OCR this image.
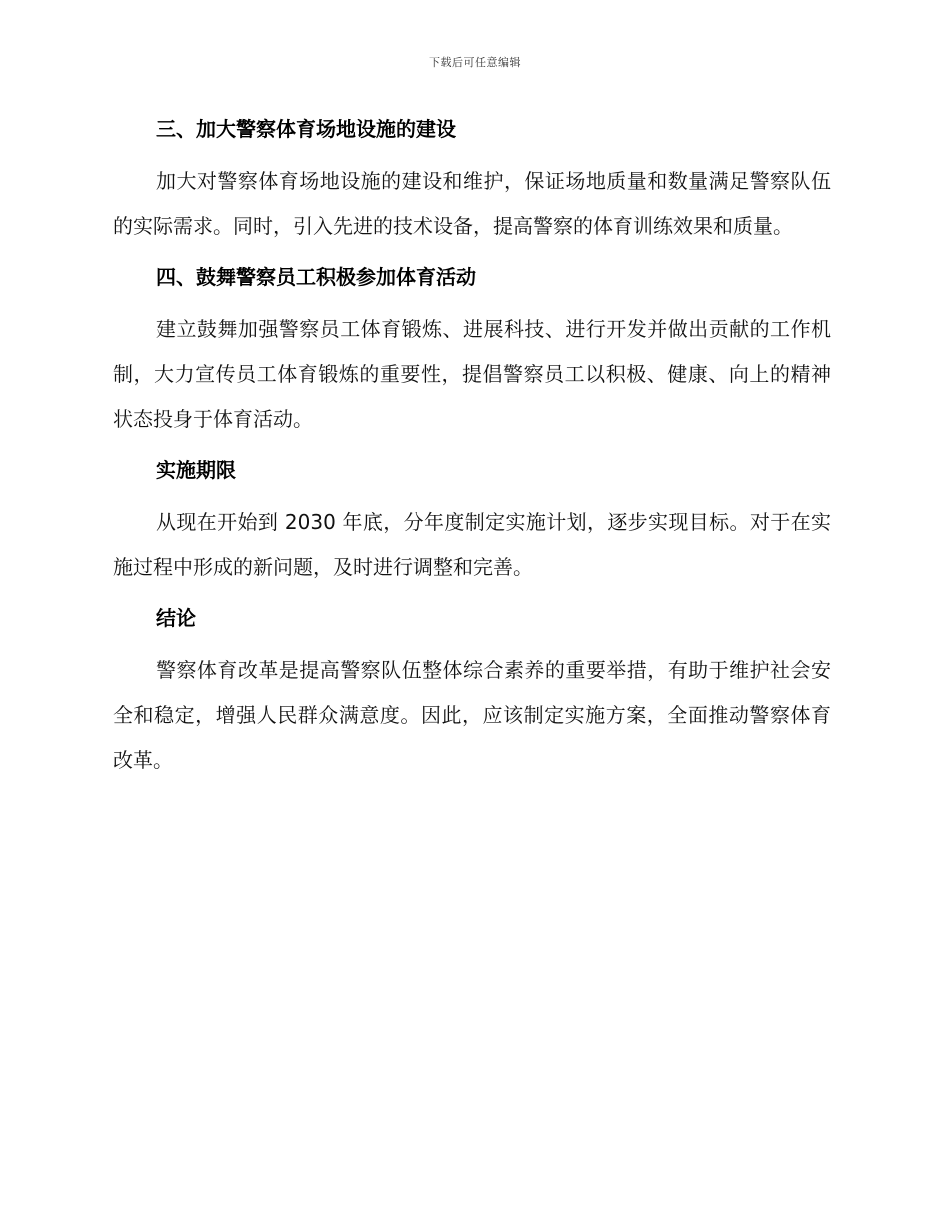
下载后可任意编辑
三、加大警察体育场地设施的建设

加大对警察体育场地设施的建设和维护，保证场地质量和数量满足警察队伍的实际需求。同时，引入先进的技术设备，提高警察的体育训练效果和质量。

四、鼓舞警察员工积极参加体育活动

建立鼓舞加强警察员工体育锻炼、进展科技、进行开发并做出贡献的工作机制，大力宣传员工体育锻炼的重要性，提倡警察员工以积极、健康、向上的精神状态投身于体育活动。

实施期限

从现在开始到 2030 年底，分年度制定实施计划，逐步实现目标。对于在实施过程中形成的新问题，及时进行调整和完善。

结论

警察体育改革是提高警察队伍整体综合素养的重要举措，有助于维护社会安全和稳定，增强人民群众满意度。因此，应该制定实施方案，全面推动警察体育改革。
